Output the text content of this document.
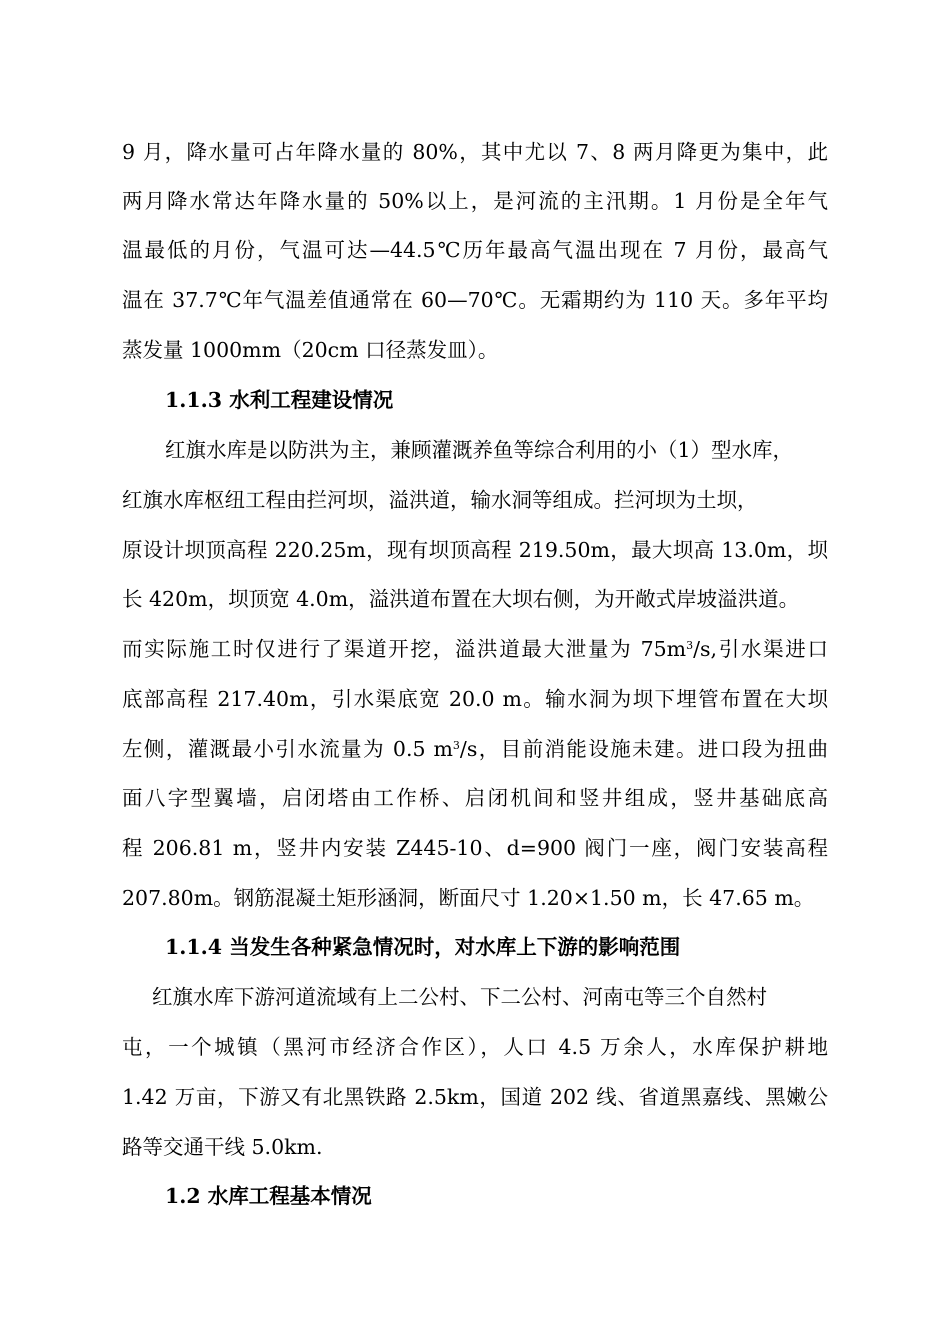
9 月，降水量可占年降水量的 80%，其中尤以 7、8 两月降更为集中，此
两月降水常达年降水量的 50%以上，是河流的主汛期。1 月份是全年气
温最低的月份，气温可达—44.5℃历年最高气温出现在 7 月份，最高气
温在 37.7℃年气温差值通常在 60—70℃。无霜期约为 110 天。多年平均
蒸发量 1000mm（20cm 口径蒸发皿）。
1.1.3 水利工程建设情况
红旗水库是以防洪为主，兼顾灌溉养鱼等综合利用的小（1）型水库，
红旗水库枢纽工程由拦河坝，溢洪道，输水洞等组成。拦河坝为土坝，
原设计坝顶高程 220.25m，现有坝顶高程 219.50m，最大坝高 13.0m，坝
长 420m，坝顶宽 4.0m，溢洪道布置在大坝右侧，为开敞式岸坡溢洪道。
而实际施工时仅进行了渠道开挖，溢洪道最大泄量为 $75m^3/s$,引水渠进口
底部高程 217.40m，引水渠底宽 20.0 m。输水洞为坝下埋管布置在大坝
左侧，灌溉最小引水流量为 0.5 $m^3/s$，目前消能设施未建。进口段为扭曲
面八字型翼墙，启闭塔由工作桥、启闭机间和竖井组成，竖井基础底高
程 206.81 m，竖井内安装 Z445-10、d=900 阀门一座，阀门安装高程
207.80m。钢筋混凝土矩形涵洞，断面尺寸 1.20×1.50 m，长 47.65 m。
1.1.4 当发生各种紧急情况时，对水库上下游的影响范围
红旗水库下游河道流域有上二公村、下二公村、河南屯等三个自然村
屯，一个城镇（黑河市经济合作区），人口 4.5 万余人，水库保护耕地
1.42 万亩，下游又有北黑铁路 2.5km，国道 202 线、省道黑嘉线、黑嫩公
路等交通干线 5.0km.
1.2 水库工程基本情况
